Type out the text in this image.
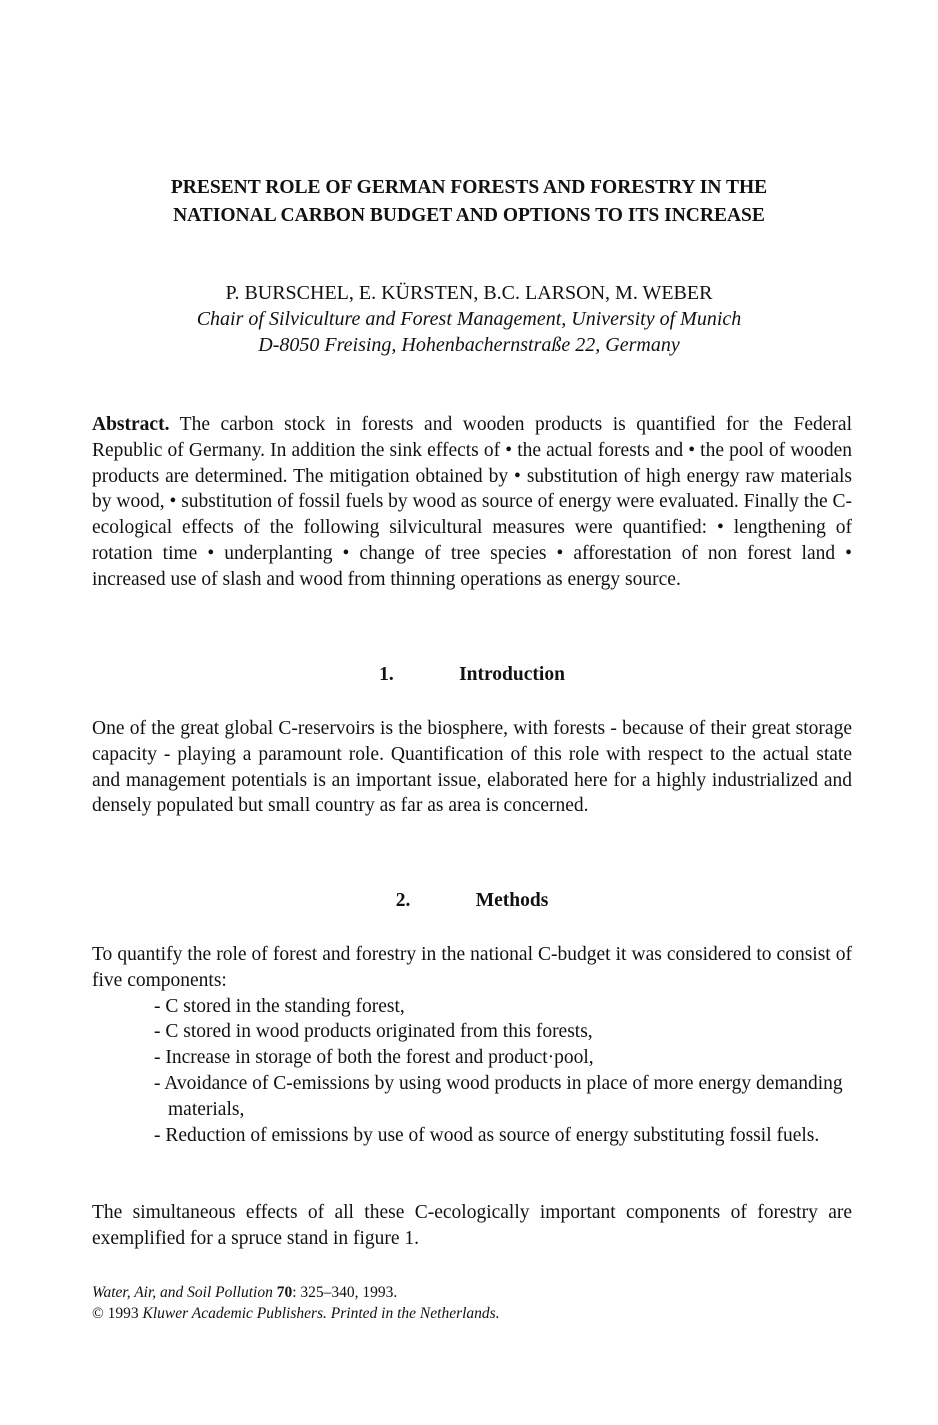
PRESENT ROLE OF GERMAN FORESTS AND FORESTRY IN THE
NATIONAL CARBON BUDGET AND OPTIONS TO ITS INCREASE
P. BURSCHEL, E. KÜRSTEN, B.C. LARSON, M. WEBER
Chair of Silviculture and Forest Management, University of Munich
D-8050 Freising, Hohenbachernstraße 22, Germany

Abstract. The carbon stock in forests and wooden products is quantified for the Federal Republic of Germany. In addition the sink effects of • the actual forests and • the pool of wooden products are determined. The mitigation obtained by • substitution of high energy raw materials by wood, • substitution of fossil fuels by wood as source of energy were evaluated. Finally the C-ecological effects of the following silvicultural measures were quantified: • lengthening of rotation time • underplanting • change of tree species • afforestation of non forest land • increased use of slash and wood from thinning operations as energy source.

1.	Introduction

One of the great global C-reservoirs is the biosphere, with forests - because of their great storage capacity - playing a paramount role. Quantification of this role with respect to the actual state and management potentials is an important issue, elaborated here for a highly industrialized and densely populated but small country as far as area is concerned.

2.	Methods

To quantify the role of forest and forestry in the national C-budget it was considered to consist of five components:

- C stored in the standing forest,
- C stored in wood products originated from this forests,
- Increase in storage of both the forest and product·pool,
- Avoidance of C-emissions by using wood products in place of more energy demanding materials,
- Reduction of emissions by use of wood as source of energy substituting fossil fuels.

The simultaneous effects of all these C-ecologically important components of forestry are exemplified for a spruce stand in figure 1.

Water, Air, and Soil Pollution 70: 325–340, 1993.
© 1993 Kluwer Academic Publishers. Printed in the Netherlands.
